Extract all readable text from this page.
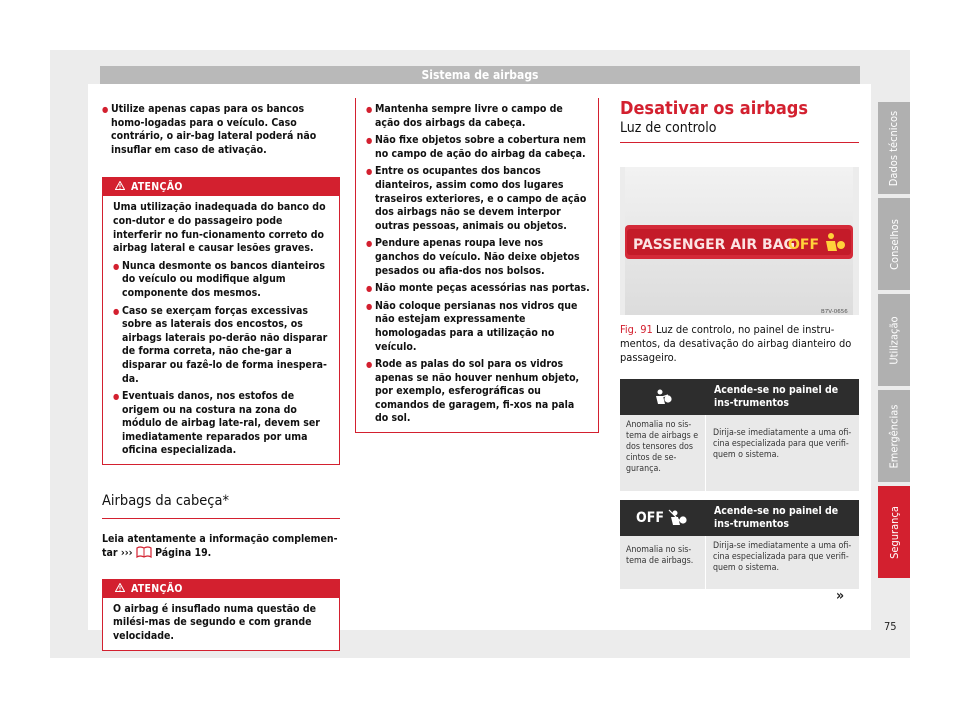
Sistema de airbags
● Utilize apenas capas para os bancos homo-logadas para o veículo. Caso contrário, o air-bag lateral poderá não insuflar em caso de ativação.
ATENÇÃO

Uma utilização inadequada do banco do con-dutor e do passageiro pode interferir no fun-cionamento correto do airbag lateral e causar lesões graves.

● Nunca desmonte os bancos dianteiros do veículo ou modifique algum componente dos mesmos.
● Caso se exerçam forças excessivas sobre as laterais dos encostos, os airbags laterais po-derão não disparar de forma correta, não che-gar a disparar ou fazê-lo de forma inespera-da.
● Eventuais danos, nos estofos de origem ou na costura na zona do módulo de airbag late-ral, devem ser imediatamente reparados por uma oficina especializada.
Airbags da cabeça*
Leia atentamente a informação complemen-tar ›››  Página 19.
ATENÇÃO

O airbag é insuflado numa questão de milési-mas de segundo e com grande velocidade.

● Mantenha sempre livre o campo de ação dos airbags da cabeça.
● Não fixe objetos sobre a cobertura nem no campo de ação do airbag da cabeça.
● Entre os ocupantes dos bancos dianteiros, assim como dos lugares traseiros exteriores, e o campo de ação dos airbags não se devem interpor outras pessoas, animais ou objetos.
● Pendure apenas roupa leve nos ganchos do veículo. Não deixe objetos pesados ou afia-dos nos bolsos.
● Não monte peças acessórias nas portas.
● Não coloque persianas nos vidros que não estejam expressamente homologadas para a utilização no veículo.
● Rode as palas do sol para os vidros apenas se não houver nenhum objeto, por exemplo, esferográficas ou comandos de garagem, fi-xos na pala do sol.
Desativar os airbags
Luz de controlo
PASSENGER AIR BAG
OFF
B7V-0656
Fig. 91 Luz de controlo, no painel de instru-mentos, da desativação do airbag dianteiro do passageiro.
Acende-se no painel de ins-trumentos
Anomalia no sis-tema de airbags e dos tensores dos cintos de se-gurança.
Dirija-se imediatamente a uma ofi-cina especializada para que verifi-quem o sistema.
OFF	Acende-se no painel de ins-trumentos
Anomalia no sis-tema de airbags.
Dirija-se imediatamente a uma ofi-cina especializada para que verifi-quem o sistema.
»
Dados técnicos
Conselhos
Utilização
Emergências
Segurança
75
